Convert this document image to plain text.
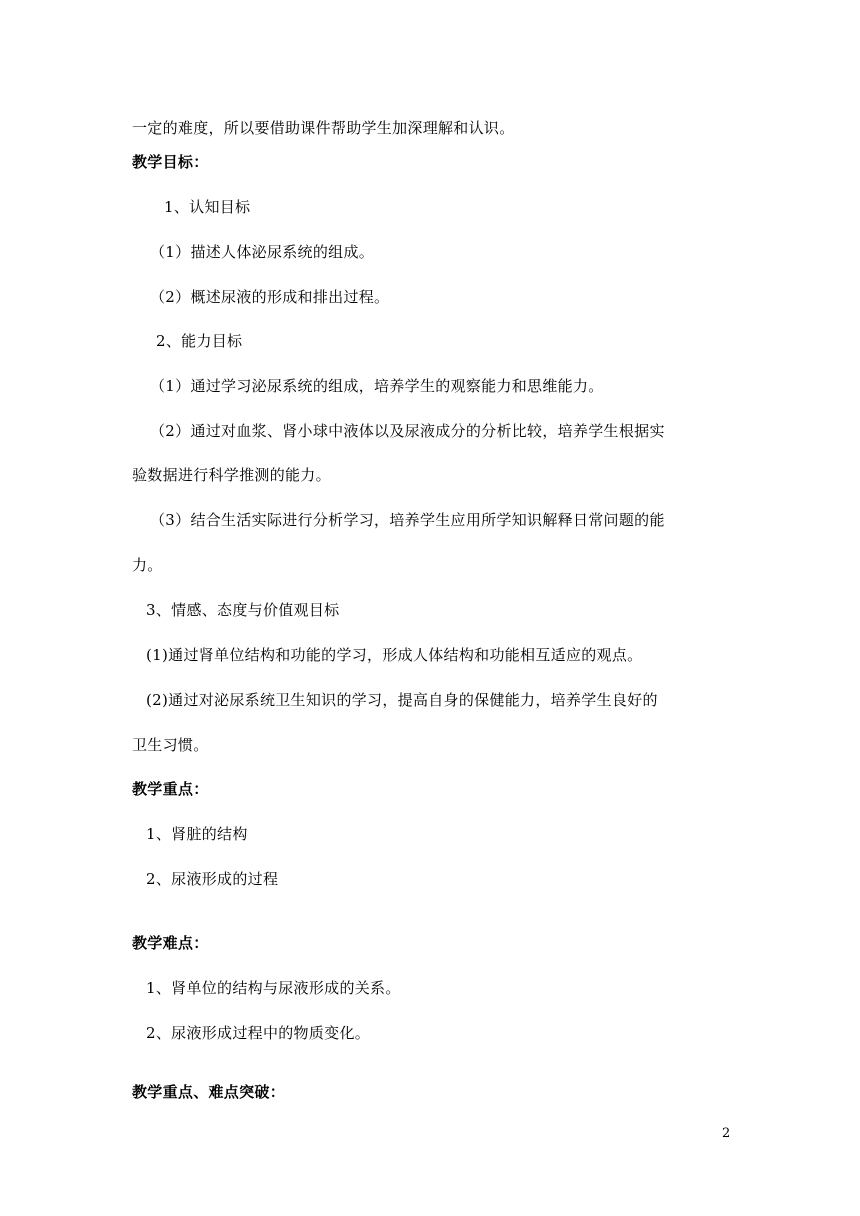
一定的难度，所以要借助课件帮助学生加深理解和认识。
教学目标：
1、认知目标
（1）描述人体泌尿系统的组成。
（2）概述尿液的形成和排出过程。
2、能力目标
（1）通过学习泌尿系统的组成，培养学生的观察能力和思维能力。
（2）通过对血浆、肾小球中液体以及尿液成分的分析比较，培养学生根据实
验数据进行科学推测的能力。
（3）结合生活实际进行分析学习，培养学生应用所学知识解释日常问题的能
力。
3、情感、态度与价值观目标
(1)通过肾单位结构和功能的学习，形成人体结构和功能相互适应的观点。
(2)通过对泌尿系统卫生知识的学习，提高自身的保健能力，培养学生良好的
卫生习惯。
教学重点：
1、肾脏的结构
2、尿液形成的过程
教学难点：
1、肾单位的结构与尿液形成的关系。
2、尿液形成过程中的物质变化。
教学重点、难点突破：
2
